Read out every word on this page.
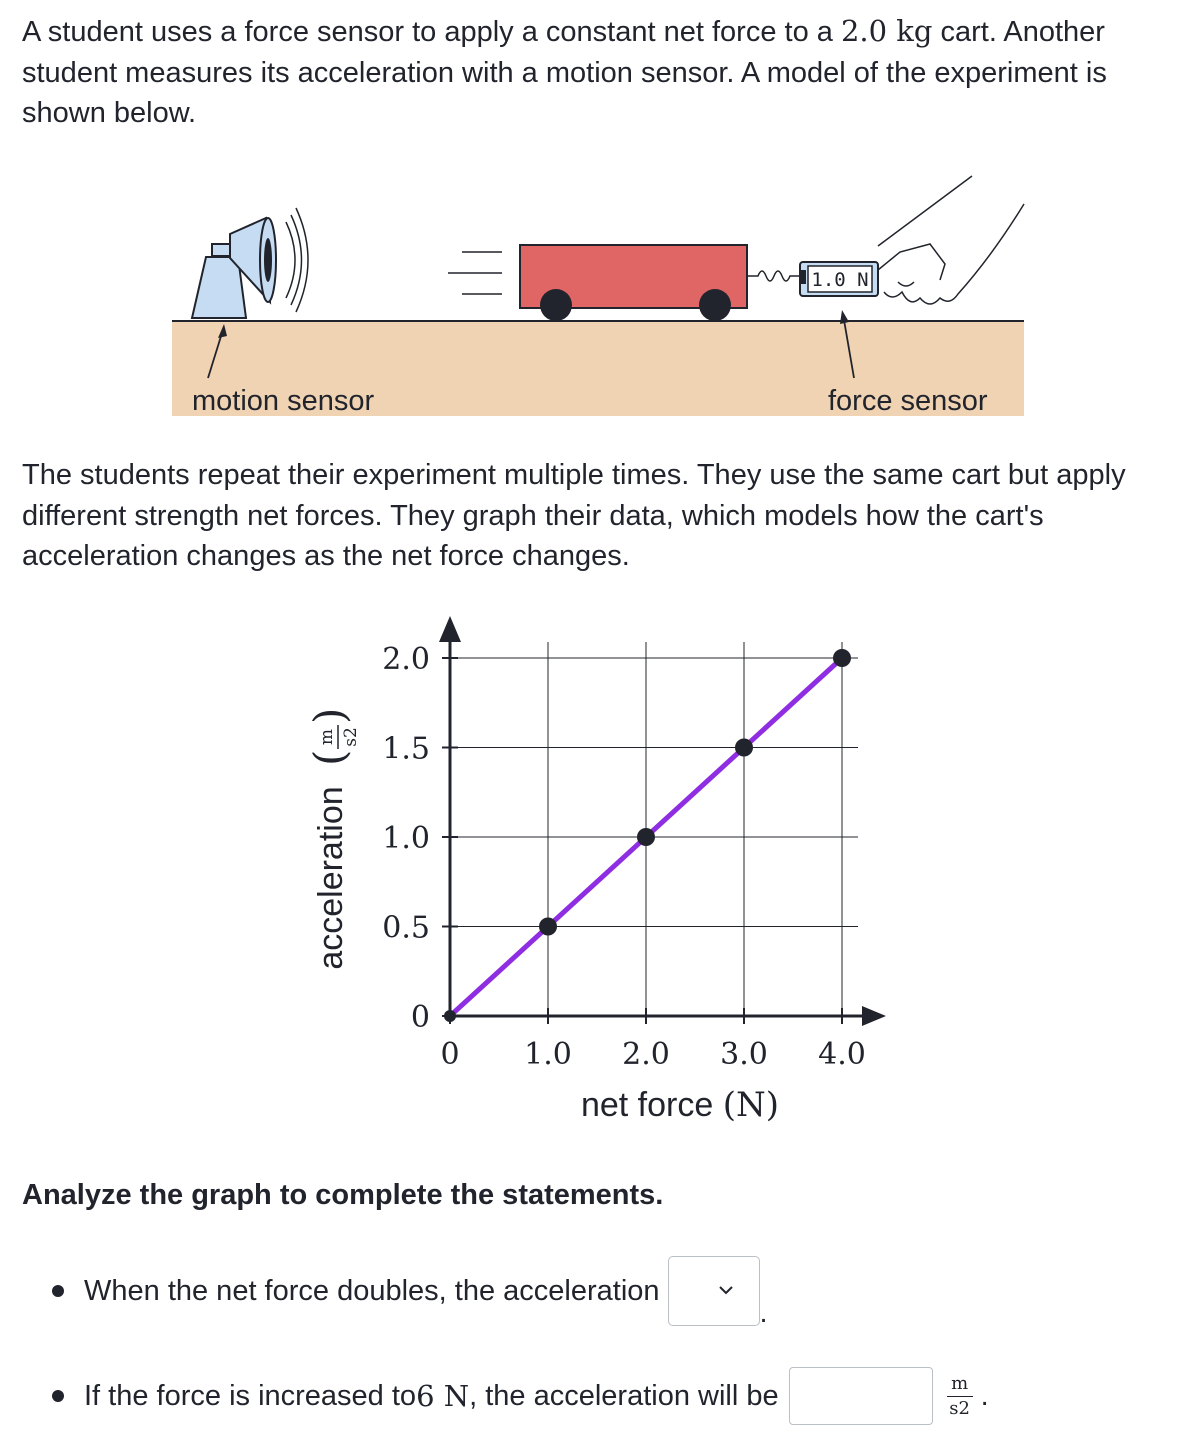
A student uses a force sensor to apply a constant net force to a 2.0 kg cart. Another student measures its acceleration with a motion sensor. A model of the experiment is shown below.

1.0 N
motion sensor	force sensor

The students repeat their experiment multiple times. They use the same cart but apply different strength net forces. They graph their data, which models how the cart's acceleration changes as the net force changes.

0 1.0 2.0 3.0 4.0
0
0.5
1.0
1.5
2.0
net force (N)
acceleration
(
)
m s2
Analyze the graph to complete the statements.
When the net force doubles, the acceleration
.
If the force is increased to 6 N , the acceleration will be	m
s2 .
